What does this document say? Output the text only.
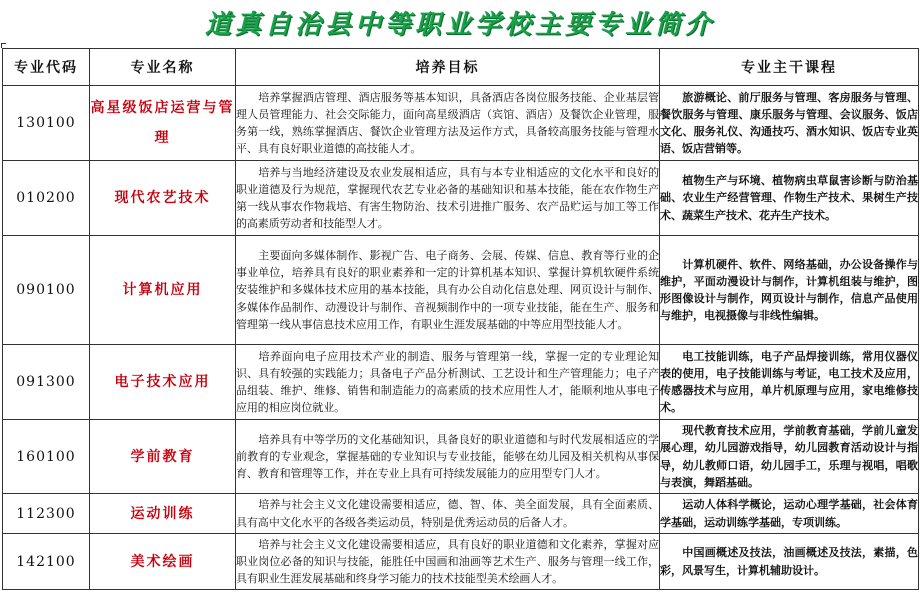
道真自治县中等职业学校主要专业简介
专业代码	专业名称	培养目标	专业主干课程
130100	高星级饭店运营与管理	培养掌握酒店管理、酒店服务等基本知识，具备酒店各岗位服务技能、企业基层管理人员管理能力、社会交际能力，面向高星级酒店（宾馆、酒店）及餐饮企业管理，服务第一线，熟练掌握酒店、餐饮企业管理方法及运作方式，具备较高服务技能与管理水平、具有良好职业道德的高技能人才。	旅游概论、前厅服务与管理、客房服务与管理、餐饮服务与管理、康乐服务与管理、会议服务、饭店文化、服务礼仪、沟通技巧、酒水知识、饭店专业英语、饭店营销等。
010200	现代农艺技术	培养与当地经济建设及农业发展相适应，具有与本专业相适应的文化水平和良好的职业道德及行为规范，掌握现代农艺专业必备的基础知识和基本技能，能在农作物生产第一线从事农作物栽培、有害生物防治、技术引进推广服务、农产品贮运与加工等工作的高素质劳动者和技能型人才。	植物生产与环境、植物病虫草鼠害诊断与防治基础、农业生产经营管理、作物生产技术、果树生产技术、蔬菜生产技术、花卉生产技术。
090100	计算机应用	主要面向多媒体制作、影视广告、电子商务、会展、传媒、信息、教育等行业的企事业单位，培养具有良好的职业素养和一定的计算机基本知识、掌握计算机软硬件系统安装维护和多媒体技术应用的基本技能，具有办公自动化信息处理、网页设计与制作、多媒体作品制作、动漫设计与制作、音视频制作中的一项专业技能，能在生产、服务和管理第一线从事信息技术应用工作，有职业生涯发展基础的中等应用型技能人才。	计算机硬件、软件、网络基础，办公设备操作与维护，平面动漫设计与制作，计算机组装与维护，图形图像设计与制作，网页设计与制作，信息产品使用与维护，电视摄像与非线性编辑。
091300	电子技术应用	培养面向电子应用技术产业的制造、服务与管理第一线，掌握一定的专业理论知识、具有较强的实践能力；具备电子产品分析测试、工艺设计和生产管理能力；电子产品组装、维护、维修、销售和制造能力的高素质的技术应用性人才，能顺利地从事电子应用的相应岗位就业。	电工技能训练，电子产品焊接训练，常用仪器仪表的使用，电子技能训练与考证，电工技术及应用，传感器技术与应用，单片机原理与应用，家电维修技术。
160100	学前教育	培养具有中等学历的文化基础知识，具备良好的职业道德和与时代发展相适应的学前教育的专业观念，掌握基础的专业知识与专业技能，能够在幼儿园及相关机构从事保育、教育和管理等工作，并在专业上具有可持续发展能力的应用型专门人才。	现代教育技术应用，学前教育基础，学前儿童发展心理，幼儿园游戏指导，幼儿园教育活动设计与指导，幼儿教师口语，幼儿园手工，乐理与视唱，唱歌与表演，舞蹈基础。
112300	运动训练	培养与社会主义文化建设需要相适应，德、智、体、美全面发展，具有全面素质、具有高中文化水平的各级各类运动员，特别是优秀运动员的后备人才。	运动人体科学概论，运动心理学基础，社会体育学基础，运动训练学基础，专项训练。
142100	美术绘画	培养与社会主义文化建设需要相适应，具有良好的职业道德和文化素养，掌握对应职业岗位必备的知识与技能，能胜任中国画和油画等艺术生产、服务与管理一线工作，具有职业生涯发展基础和终身学习能力的技术技能型美术绘画人才。	中国画概述及技法，油画概述及技法，素描，色彩，风景写生，计算机辅助设计。
